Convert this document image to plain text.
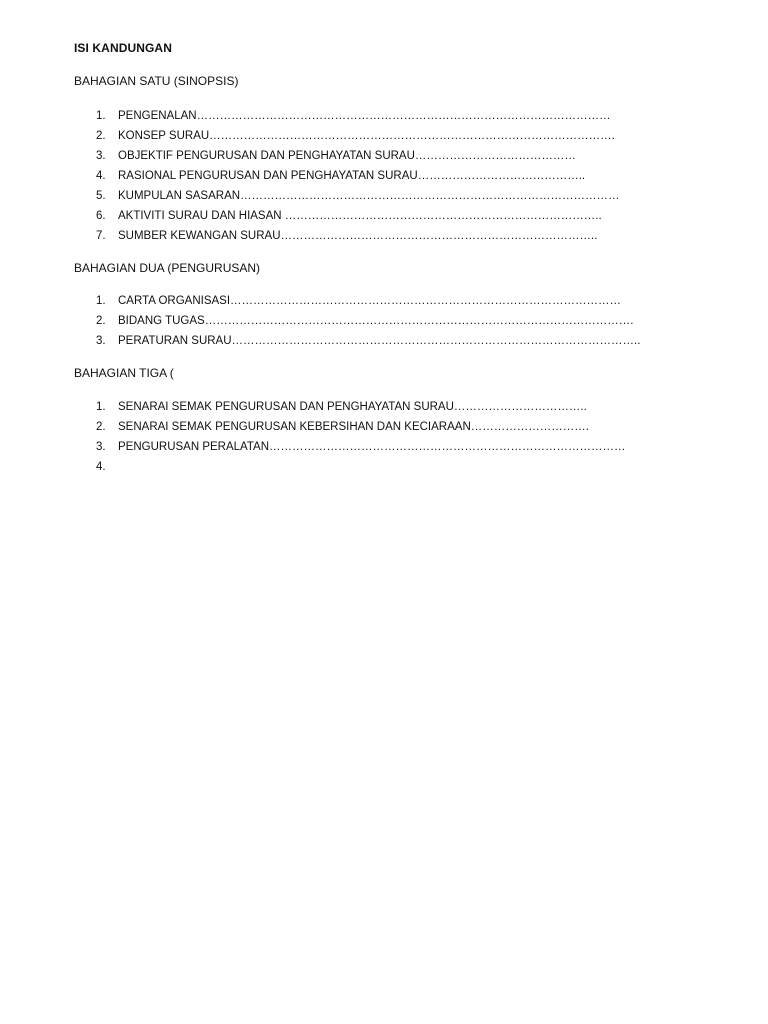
ISI KANDUNGAN
BAHAGIAN SATU (SINOPSIS)
1. PENGENALAN………………………………………………………………………………………………
2. KONSEP SURAU…………………………………………………………………………………………….
3. OBJEKTIF PENGURUSAN DAN PENGHAYATAN SURAU……………………………………
4. RASIONAL PENGURUSAN DAN PENGHAYATAN SURAU……………………………………..
5. KUMPULAN SASARAN………………………………………………………………………………………
6. AKTIVITI SURAU DAN HIASAN ………………………………………………………………………..
7. SUMBER KEWANGAN SURAU………………………………………………………………………..
BAHAGIAN DUA (PENGURUSAN)
1. CARTA ORGANISASI…………………………………………………………………………………………
2. BIDANG TUGAS………………………………………………………………………………………………….
3. PERATURAN SURAU……………………………………………………………………………………………..
BAHAGIAN TIGA (
1. SENARAI SEMAK PENGURUSAN DAN PENGHAYATAN SURAU……………………………..
2. SENARAI SEMAK PENGURUSAN KEBERSIHAN DAN KECIARAAN………………………….
3. PENGURUSAN PERALATAN…………………………………………………………………………………
4.
